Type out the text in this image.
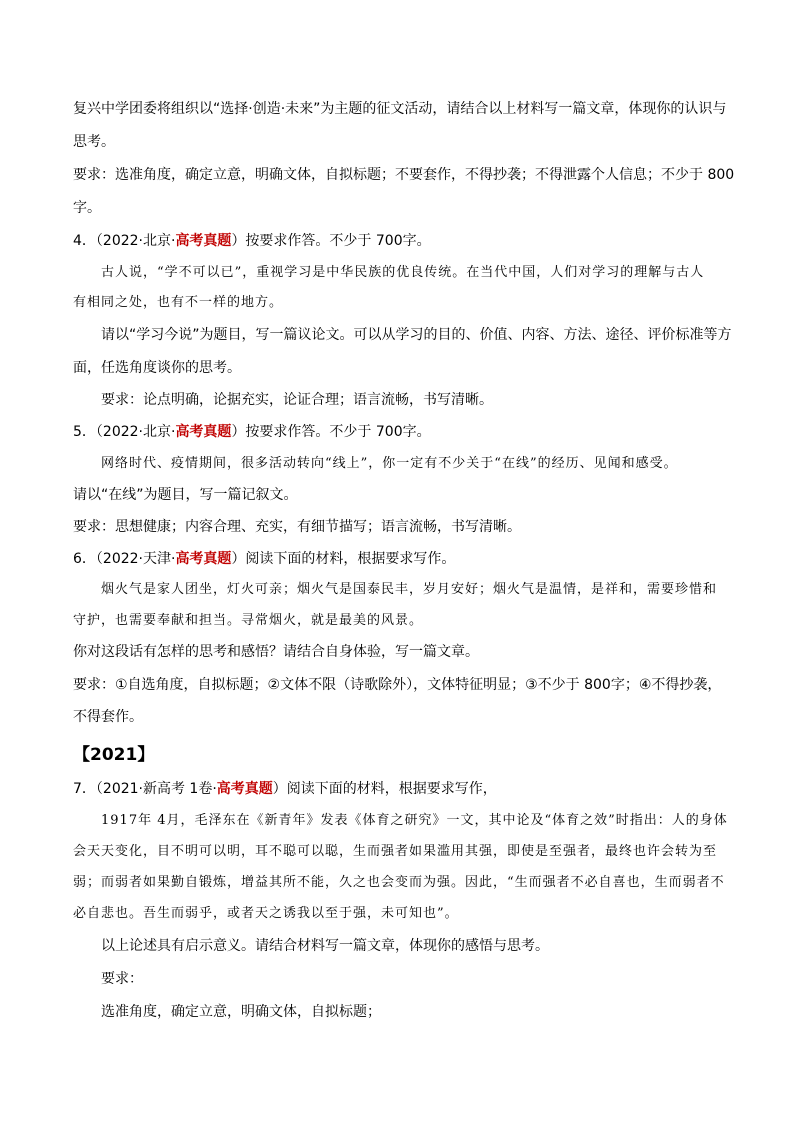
复兴中学团委将组织以“选择·创造·未来”为主题的征文活动，请结合以上材料写一篇文章，体现你的认识与
思考。
要求：选准角度，确定立意，明确文体，自拟标题；不要套作，不得抄袭；不得泄露个人信息；不少于 800
字。
4．（2022·北京·高考真题）按要求作答。不少于 700字。
古人说，“学不可以已”，重视学习是中华民族的优良传统。在当代中国，人们对学习的理解与古人
有相同之处，也有不一样的地方。
请以“学习今说”为题目，写一篇议论文。可以从学习的目的、价值、内容、方法、途径、评价标准等方
面，任选角度谈你的思考。
要求：论点明确，论据充实，论证合理；语言流畅，书写清晰。
5．（2022·北京·高考真题）按要求作答。不少于 700字。
网络时代、疫情期间，很多活动转向“线上”，你一定有不少关于“在线”的经历、见闻和感受。
请以“在线”为题目，写一篇记叙文。
要求：思想健康；内容合理、充实，有细节描写；语言流畅，书写清晰。
6．（2022·天津·高考真题）阅读下面的材料，根据要求写作。
烟火气是家人团坐，灯火可亲；烟火气是国泰民丰，岁月安好；烟火气是温情，是祥和，需要珍惜和
守护，也需要奉献和担当。寻常烟火，就是最美的风景。
你对这段话有怎样的思考和感悟？请结合自身体验，写一篇文章。
要求：①自选角度，自拟标题；②文体不限（诗歌除外），文体特征明显；③不少于 800字；④不得抄袭，
不得套作。
【2021】
7．（2021·新高考 1卷·高考真题）阅读下面的材料，根据要求写作，
1917年 4月，毛泽东在《新青年》发表《体育之研究》一文，其中论及“体育之效”时指出：人的身体
会天天变化，目不明可以明，耳不聪可以聪，生而强者如果滥用其强，即使是至强者，最终也许会转为至
弱；而弱者如果勤自锻炼，增益其所不能，久之也会变而为强。因此，“生而强者不必自喜也，生而弱者不
必自悲也。吾生而弱乎，或者天之诱我以至于强，未可知也”。
以上论述具有启示意义。请结合材料写一篇文章，体现你的感悟与思考。
要求：
选准角度，确定立意，明确文体，自拟标题；
